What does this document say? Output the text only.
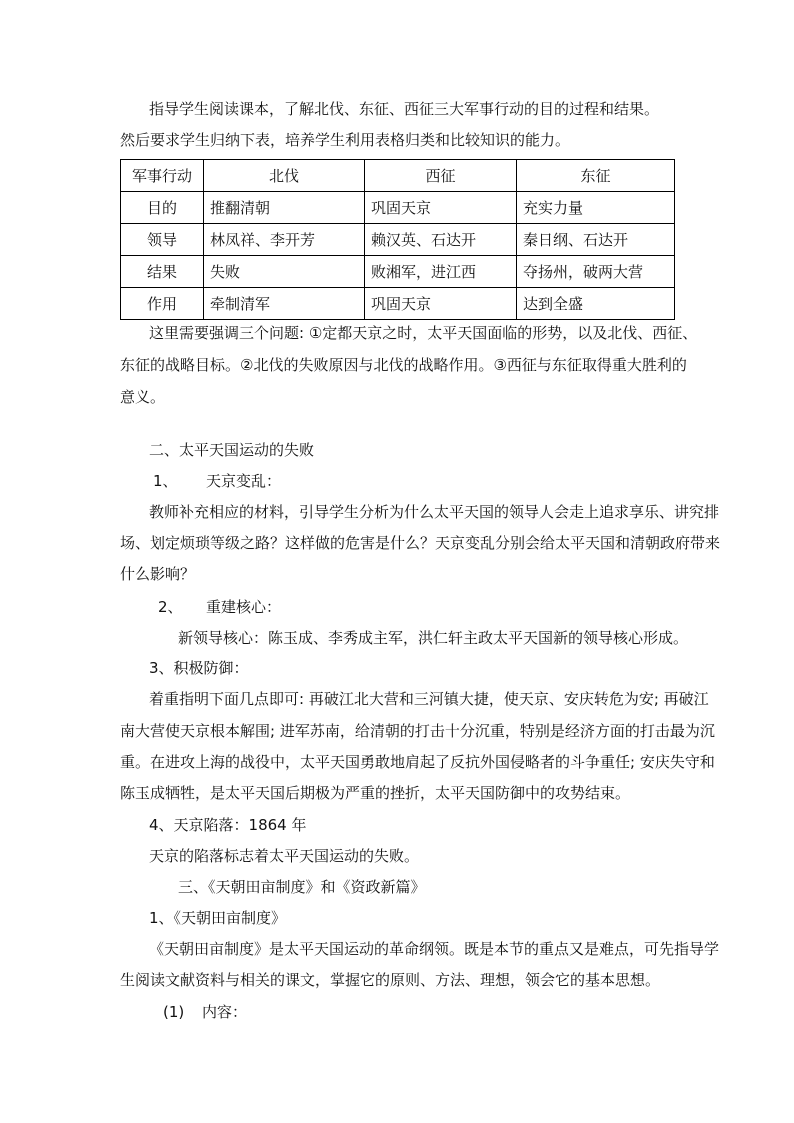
指导学生阅读课本，了解北伐、东征、西征三大军事行动的目的过程和结果。
然后要求学生归纳下表，培养学生利用表格归类和比较知识的能力。
军事行动	北伐	西征	东征
目的	推翻清朝	巩固天京	充实力量
领导	林凤祥、李开芳	赖汉英、石达开	秦日纲、石达开
结果	失败	败湘军，进江西	夺扬州，破两大营
作用	牵制清军	巩固天京	达到全盛
这里需要强调三个问题: ①定都天京之时，太平天国面临的形势，以及北伐、西征、
东征的战略目标。②北伐的失败原因与北伐的战略作用。③西征与东征取得重大胜利的
意义。
二、太平天国运动的失败
1、 天京变乱：
教师补充相应的材料，引导学生分析为什么太平天国的领导人会走上追求享乐、讲究排
场、划定烦琐等级之路？这样做的危害是什么？天京变乱分别会给太平天国和清朝政府带来
什么影响？
2、 重建核心：
新领导核心：陈玉成、李秀成主军，洪仁轩主政太平天国新的领导核心形成。
3、积极防御：
着重指明下面几点即可: 再破江北大营和三河镇大捷，使天京、安庆转危为安; 再破江
南大营使天京根本解围; 进军苏南，给清朝的打击十分沉重，特别是经济方面的打击最为沉
重。在进攻上海的战役中，太平天国勇敢地肩起了反抗外国侵略者的斗争重任; 安庆失守和
陈玉成牺牲，是太平天国后期极为严重的挫折，太平天国防御中的攻势结束。
4、天京陷落：1864 年
天京的陷落标志着太平天国运动的失败。
三、《天朝田亩制度》和《资政新篇》
1、《天朝田亩制度》
《天朝田亩制度》是太平天国运动的革命纲领。既是本节的重点又是难点，可先指导学
生阅读文献资料与相关的课文，掌握它的原则、方法、理想，领会它的基本思想。
(1) 内容：
